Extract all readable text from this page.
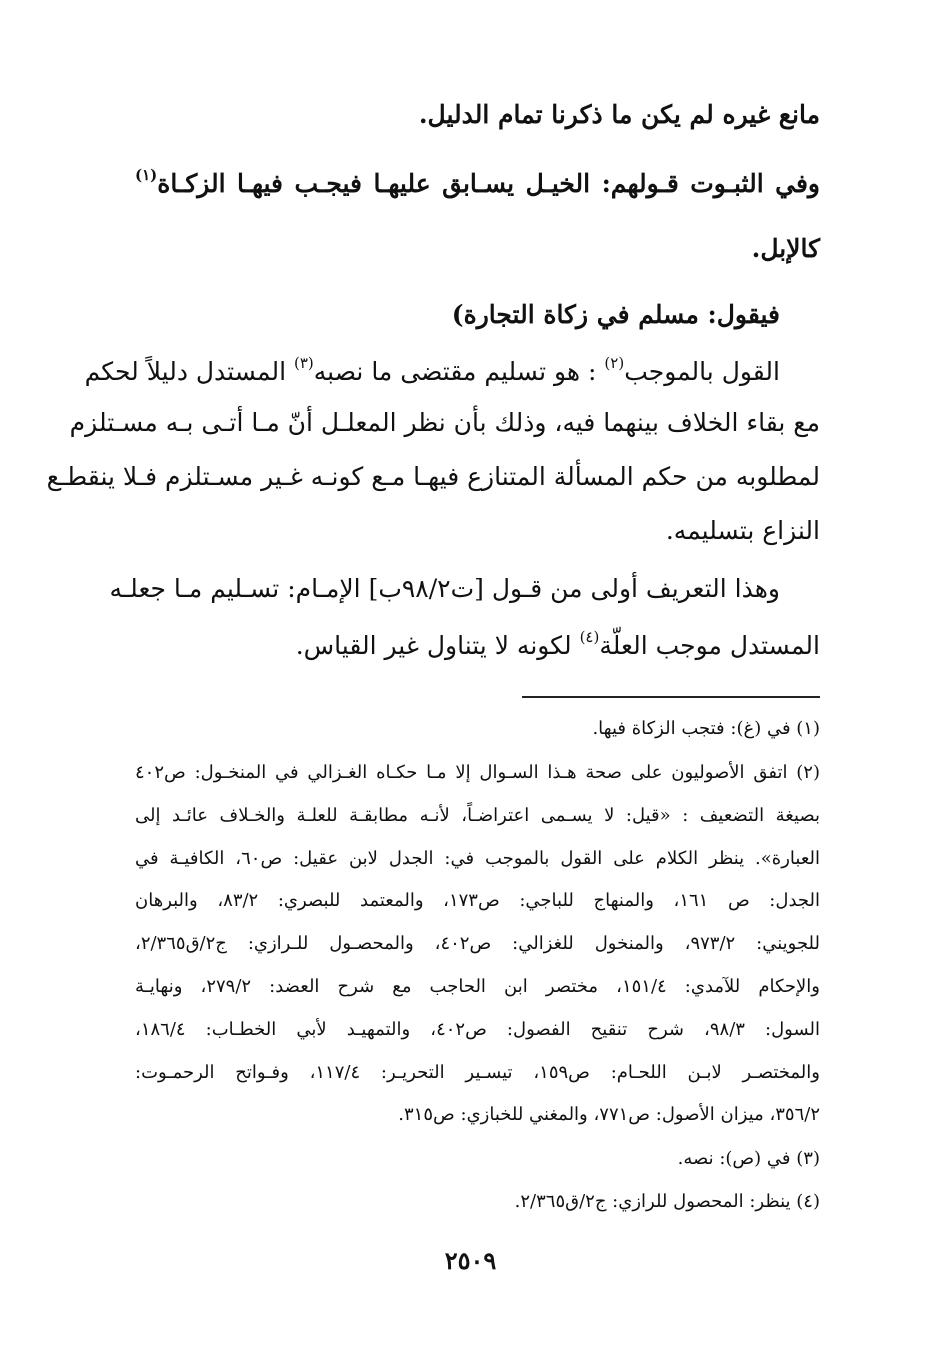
مانع غيره لم يكن ما ذكرنا تمام الدليل.

وفي الثبـوت قـولهم: الخيـل يسـابق عليهـا فيجـب فيهـا الزكـاة$^{(١)}$

كالإبل.

فيقول: مسلم في زكاة التجارة)

القول بالموجب$^{(٢)}$ : هو تسليم مقتضى ما نصبه$^{(٣)}$ المستدل دليلاً لحكم

مع بقاء الخلاف بينهما فيه، وذلك بأن نظر المعلـل أنّ مـا أتـى بـه مسـتلزم

لمطلوبه من حكم المسألة المتنازع فيهـا مـع كونـه غـير مسـتلزم فـلا ينقطـع

النزاع بتسليمه.

وهذا التعريف أولى من قـول [ت٩٨/٢ب] الإمـام: تسـليم مـا جعلـه

المستدل موجب العلّة$^{(٤)}$ لكونه لا يتناول غير القياس.

(١) في (غ): فتجب الزكاة فيها.

(٢) اتفق الأصوليون على صحة هـذا السـوال إلا مـا حكـاه الغـزالي في المنخـول: ص٤٠٢

بصيغة التضعيف : «قيل: لا يسـمى اعتراضـاً، لأنـه مطابقـة للعلـة والخـلاف عائـد إلى

العبارة». ينظر الكلام على القول بالموجب في: الجدل لابن عقيل: ص٦٠، الكافيـة في

الجدل: ص ١٦١، والمنهاج للباجي: ص١٧٣، والمعتمد للبصري: ٨٣/٢، والبرهان

للجويني: ٩٧٣/٢، والمنخول للغزالي: ص٤٠٢، والمحصـول للـرازي: ج٢/ق٢/٣٦٥،

والإحكام للآمدي: ١٥١/٤، مختصر ابن الحاجب مع شرح العضد: ٢٧٩/٢، ونهايـة

السول: ٩٨/٣، شرح تنقيح الفصول: ص٤٠٢، والتمهيـد لأبي الخطـاب: ١٨٦/٤،

والمختصـر لابـن اللحـام: ص١٥٩، تيسـير التحريـر: ١١٧/٤، وفـواتح الرحمـوت:

٣٥٦/٢، ميزان الأصول: ص٧٧١، والمغني للخبازي: ص٣١٥.

(٣) في (ص): نصه.

(٤) ينظر: المحصول للرازي: ج٢/ق٢/٣٦٥.

٢٥٠٩
